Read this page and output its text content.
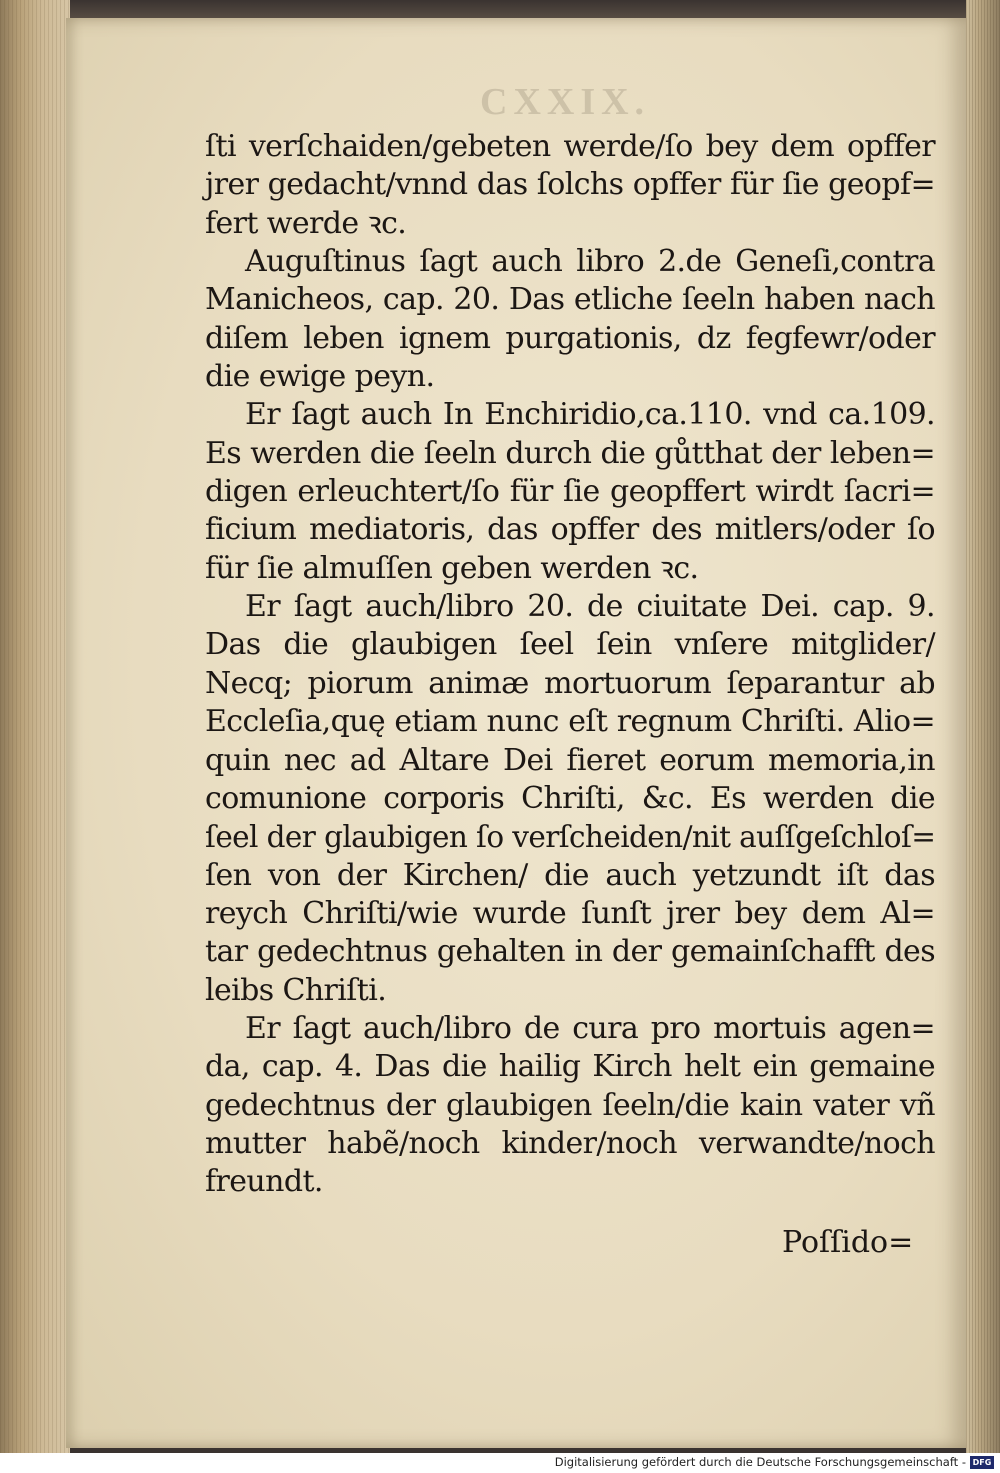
CXXIX.
ſti verſchaiden/gebeten werde/ſo bey dem opffer
jrer gedacht/vnnd das ſolchs opffer für ſie geopf=
fert werde ꝛc.
Auguſtinus ſagt auch libro 2.de Geneſi,contra
Manicheos, cap. 20. Das etliche ſeeln haben nach
diſem leben ignem purgationis, dz fegfewr/oder
die ewige peyn.
Er ſagt auch In Enchiridio,ca.110. vnd ca.109.
Es werden die ſeeln durch die gůtthat der leben=
digen erleuchtert/ſo für ſie geopffert wirdt ſacri=
ficium mediatoris, das opffer des mitlers/oder ſo
für ſie almuſſen geben werden ꝛc.
Er ſagt auch/libro 20. de ciuitate Dei. cap. 9.
Das die glaubigen ſeel ſein vnſere mitglider/
Necq; piorum animæ mortuorum ſeparantur ab
Eccleſia,quę etiam nunc eſt regnum Chriſti. Alio=
quin nec ad Altare Dei fieret eorum memoria,in
comunione corporis Chriſti, &c. Es werden die
ſeel der glaubigen ſo verſcheiden/nit auſſgeſchloſ=
ſen von der Kirchen/ die auch yetzundt iſt das
reych Chriſti/wie wurde ſunſt jrer bey dem Al=
tar gedechtnus gehalten in der gemainſchafft des
leibs Chriſti.
Er ſagt auch/libro de cura pro mortuis agen=
da, cap. 4. Das die hailig Kirch helt ein gemaine
gedechtnus der glaubigen ſeeln/die kain vater vñ
mutter habẽ/noch kinder/noch verwandte/noch
freundt.
Poſſido=
Digitalisierung gefördert durch die Deutsche Forschungsgemeinschaft - DFG
